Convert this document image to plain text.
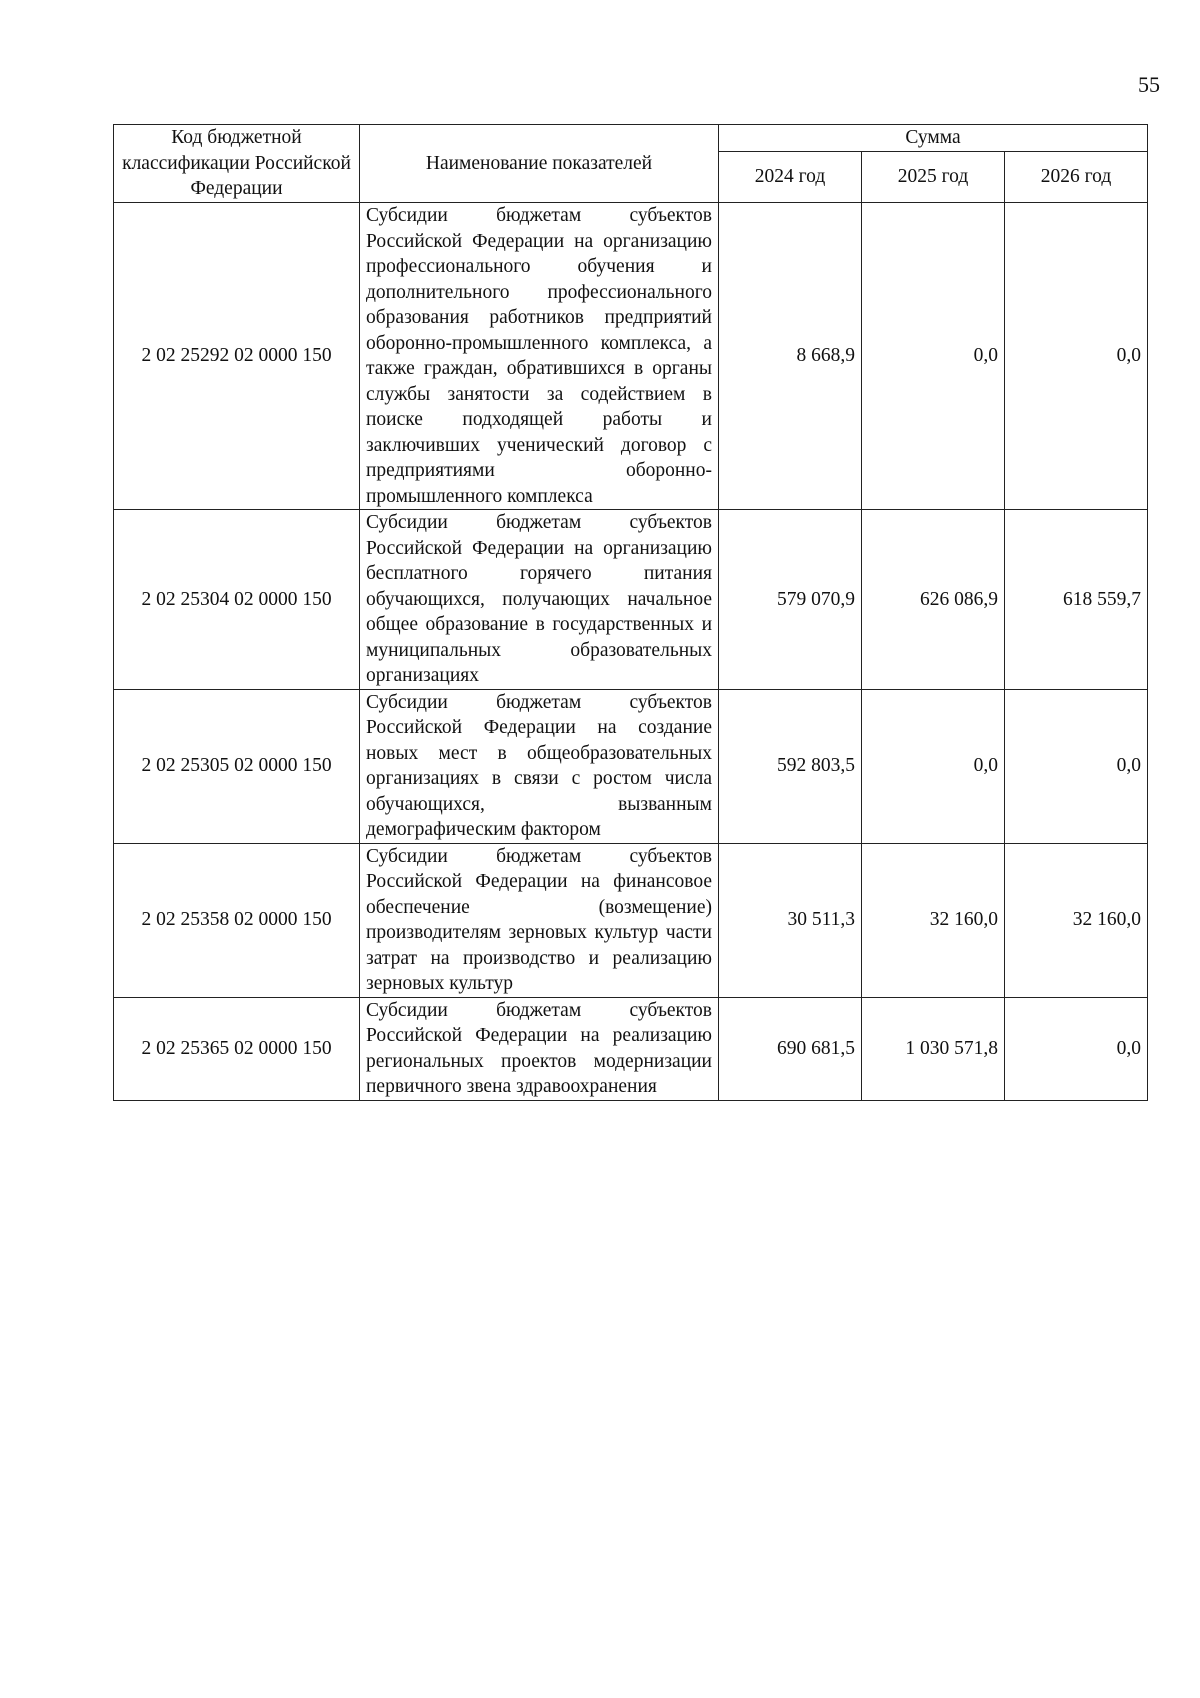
55
Код бюджетной классификации Российской Федерации	Наименование показателей	Сумма		
		2024 год	2025 год	2026 год
2 02 25292 02 0000 150	Субсидии бюджетам субъектов Российской Федерации на организацию профессионального обучения и дополнительного профессионального образования работников предприятий оборонно-промышленного комплекса, а также граждан, обратившихся в органы службы занятости за содействием в поиске подходящей работы и заключивших ученический договор с предприятиями оборонно-промышленного комплекса	8 668,9	0,0	0,0
2 02 25304 02 0000 150	Субсидии бюджетам субъектов Российской Федерации на организацию бесплатного горячего питания обучающихся, получающих начальное общее образование в государственных и муниципальных образовательных организациях	579 070,9	626 086,9	618 559,7
2 02 25305 02 0000 150	Субсидии бюджетам субъектов Российской Федерации на создание новых мест в общеобразовательных организациях в связи с ростом числа обучающихся, вызванным демографическим фактором	592 803,5	0,0	0,0
2 02 25358 02 0000 150	Субсидии бюджетам субъектов Российской Федерации на финансовое обеспечение (возмещение) производителям зерновых культур части затрат на производство и реализацию зерновых культур	30 511,3	32 160,0	32 160,0
2 02 25365 02 0000 150	Субсидии бюджетам субъектов Российской Федерации на реализацию региональных проектов модернизации первичного звена здравоохранения	690 681,5	1 030 571,8	0,0
